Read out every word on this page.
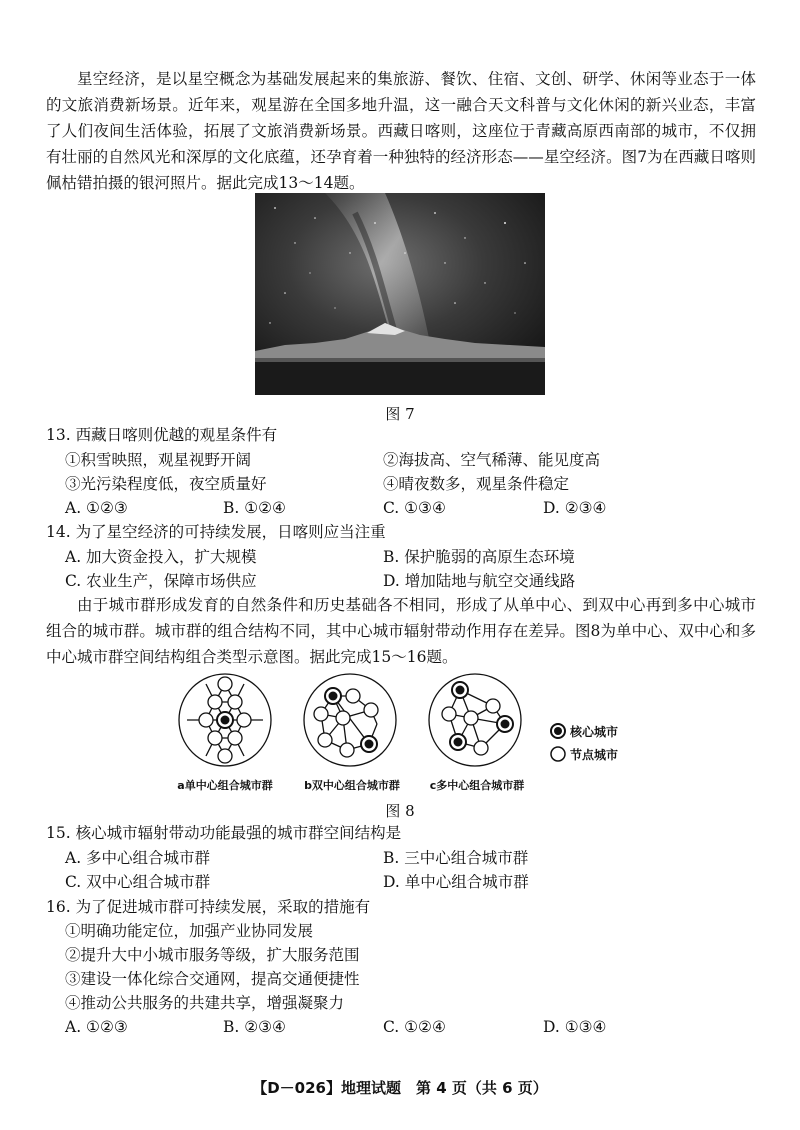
星空经济，是以星空概念为基础发展起来的集旅游、餐饮、住宿、文创、研学、休闲等业态于一体的文旅消费新场景。近年来，观星游在全国多地升温，这一融合天文科普与文化休闲的新兴业态，丰富了人们夜间生活体验，拓展了文旅消费新场景。西藏日喀则，这座位于青藏高原西南部的城市，不仅拥有壮丽的自然风光和深厚的文化底蕴，还孕育着一种独特的经济形态——星空经济。图7为在西藏日喀则佩枯错拍摄的银河照片。据此完成13～14题。
图 7
13. 西藏日喀则优越的观星条件有
①积雪映照，观星视野开阔	②海拔高、空气稀薄、能见度高
③光污染程度低，夜空质量好	④晴夜数多，观星条件稳定
A. ①②③	B. ①②④	C. ①③④	D. ②③④
14. 为了星空经济的可持续发展，日喀则应当注重
A. 加大资金投入，扩大规模	B. 保护脆弱的高原生态环境
C. 农业生产，保障市场供应	D. 增加陆地与航空交通线路
由于城市群形成发育的自然条件和历史基础各不相同，形成了从单中心、到双中心再到多中心城市组合的城市群。城市群的组合结构不同，其中心城市辐射带动作用存在差异。图8为单中心、双中心和多中心城市群空间结构组合类型示意图。据此完成15～16题。
核心城市
节点城市
a单中心组合城市群	b双中心组合城市群	c多中心组合城市群
图 8
15. 核心城市辐射带动功能最强的城市群空间结构是
A. 多中心组合城市群	B. 三中心组合城市群
C. 双中心组合城市群	D. 单中心组合城市群
16. 为了促进城市群可持续发展，采取的措施有
①明确功能定位，加强产业协同发展
②提升大中小城市服务等级，扩大服务范围
③建设一体化综合交通网，提高交通便捷性
④推动公共服务的共建共享，增强凝聚力
A. ①②③	B. ②③④	C. ①②④	D. ①③④
【D－026】地理试题　第 4 页（共 6 页）
